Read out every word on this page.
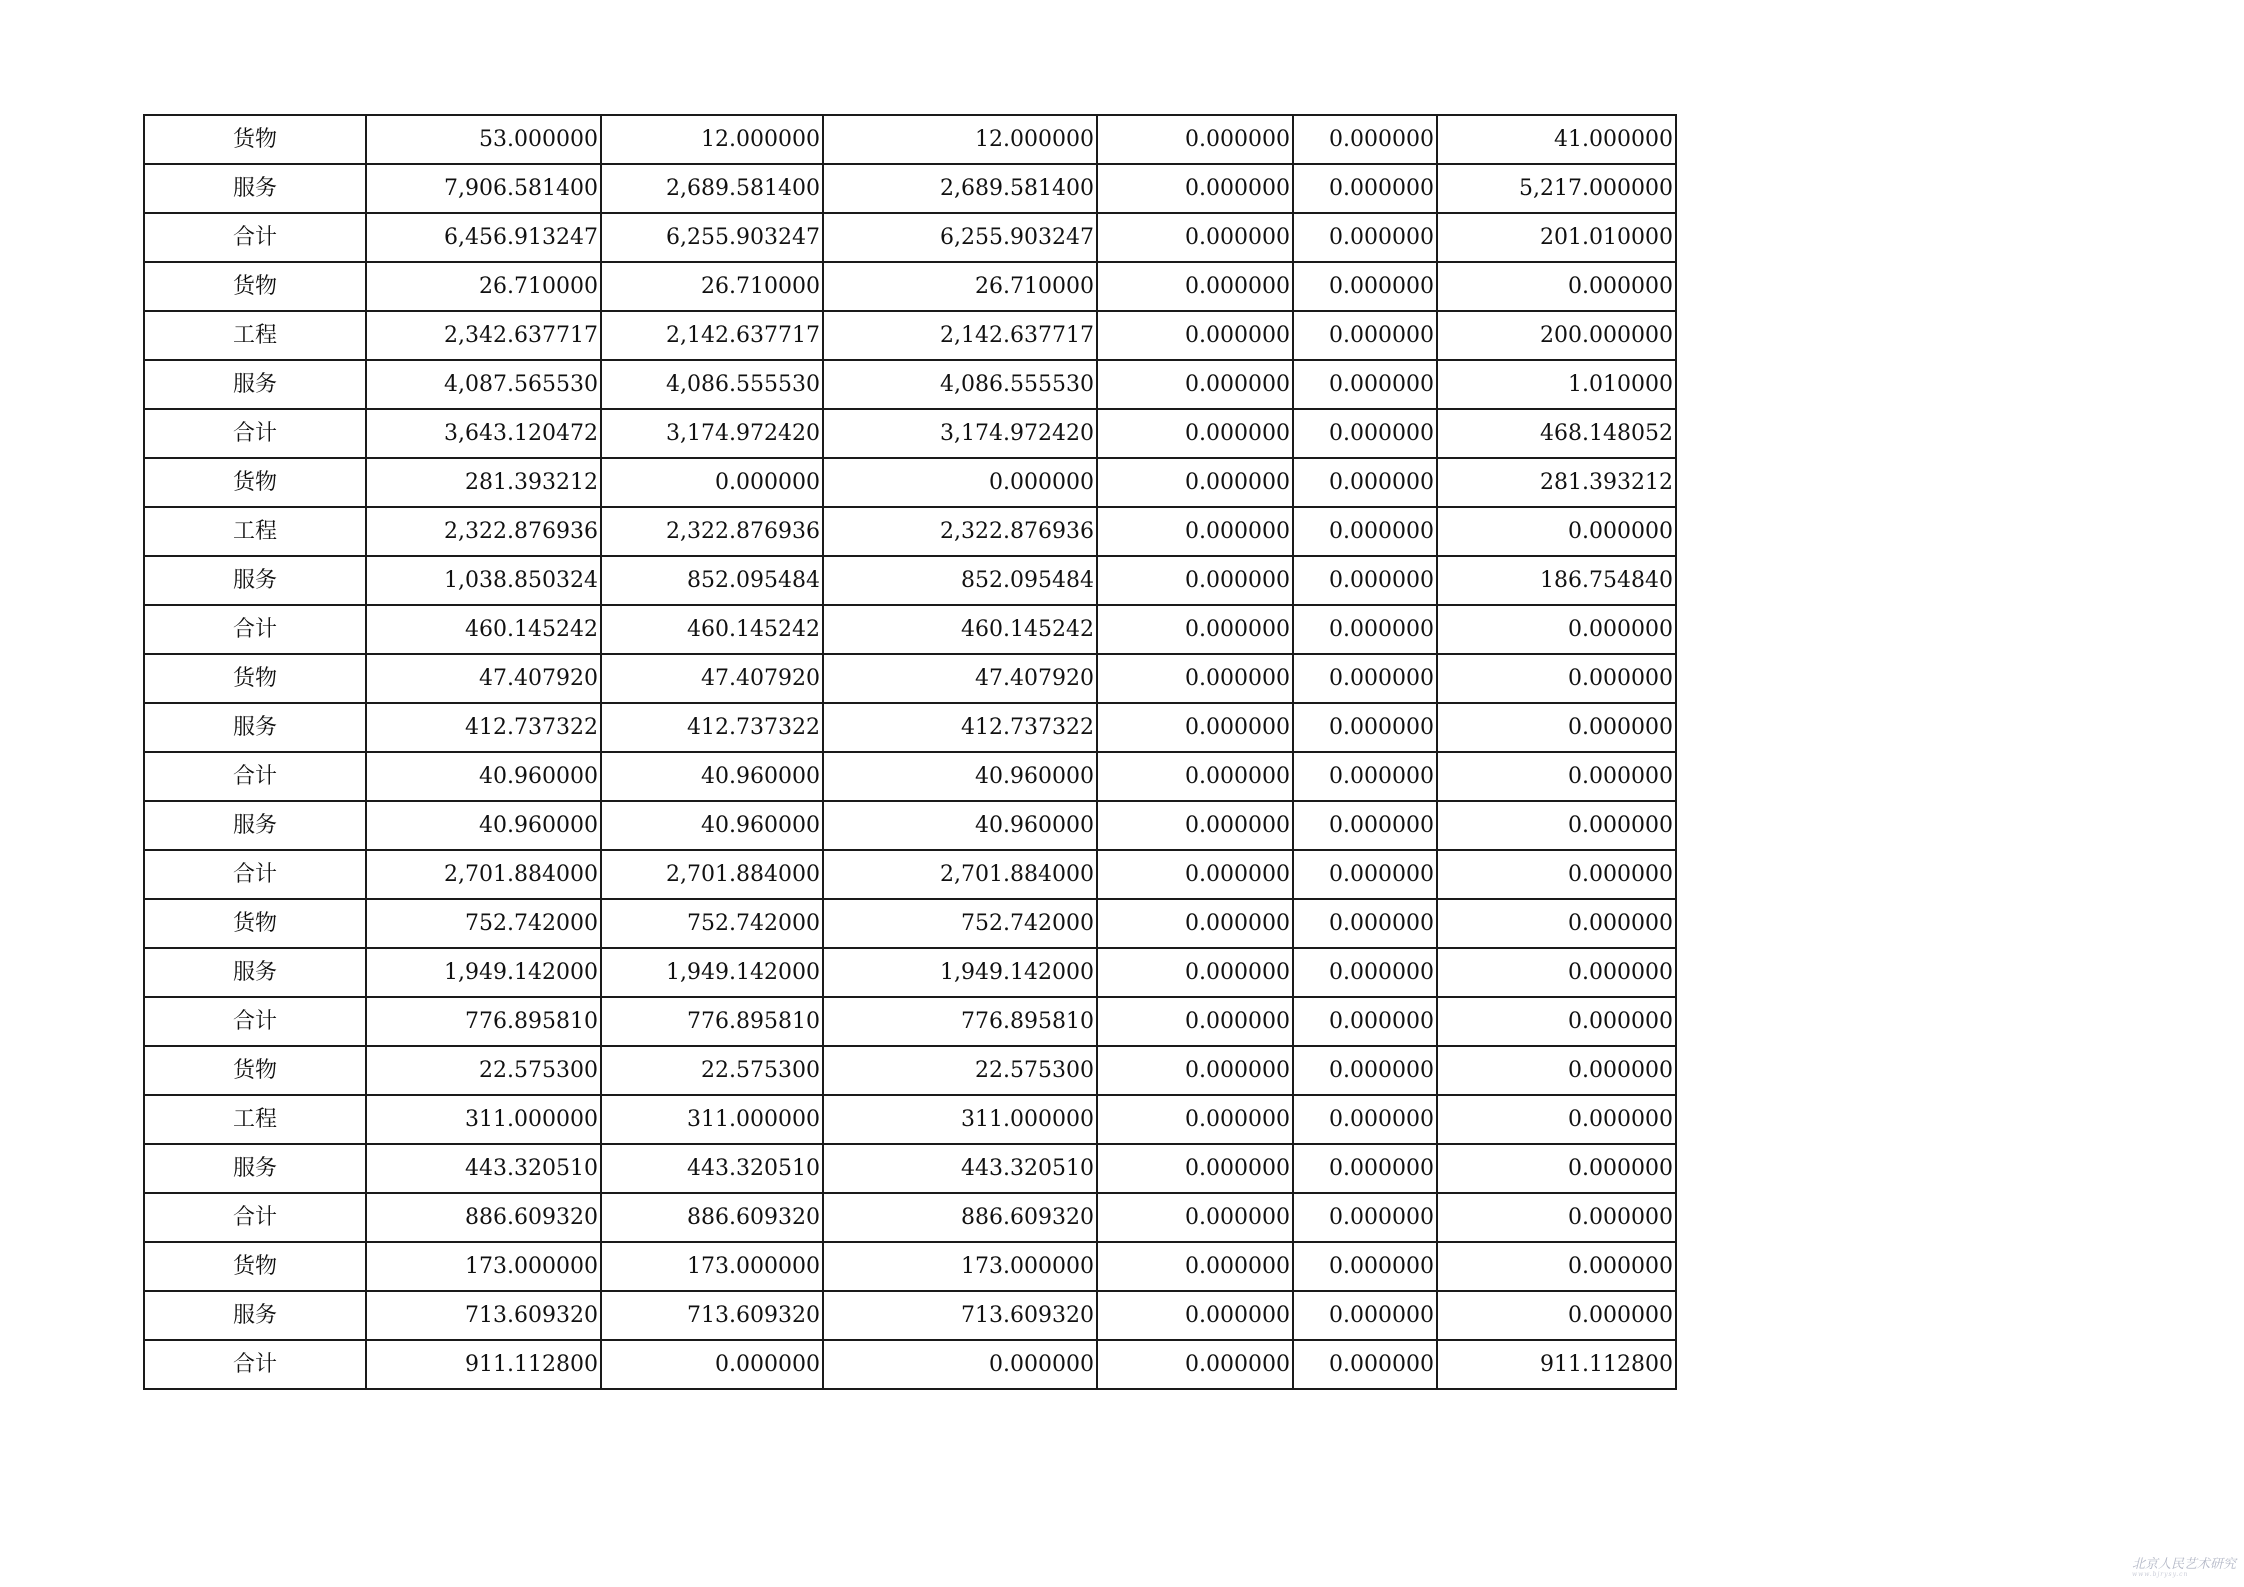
货物	53.000000	12.000000	12.000000	0.000000	0.000000	41.000000
服务	7,906.581400	2,689.581400	2,689.581400	0.000000	0.000000	5,217.000000
合计	6,456.913247	6,255.903247	6,255.903247	0.000000	0.000000	201.010000
货物	26.710000	26.710000	26.710000	0.000000	0.000000	0.000000
工程	2,342.637717	2,142.637717	2,142.637717	0.000000	0.000000	200.000000
服务	4,087.565530	4,086.555530	4,086.555530	0.000000	0.000000	1.010000
合计	3,643.120472	3,174.972420	3,174.972420	0.000000	0.000000	468.148052
货物	281.393212	0.000000	0.000000	0.000000	0.000000	281.393212
工程	2,322.876936	2,322.876936	2,322.876936	0.000000	0.000000	0.000000
服务	1,038.850324	852.095484	852.095484	0.000000	0.000000	186.754840
合计	460.145242	460.145242	460.145242	0.000000	0.000000	0.000000
货物	47.407920	47.407920	47.407920	0.000000	0.000000	0.000000
服务	412.737322	412.737322	412.737322	0.000000	0.000000	0.000000
合计	40.960000	40.960000	40.960000	0.000000	0.000000	0.000000
服务	40.960000	40.960000	40.960000	0.000000	0.000000	0.000000
合计	2,701.884000	2,701.884000	2,701.884000	0.000000	0.000000	0.000000
货物	752.742000	752.742000	752.742000	0.000000	0.000000	0.000000
服务	1,949.142000	1,949.142000	1,949.142000	0.000000	0.000000	0.000000
合计	776.895810	776.895810	776.895810	0.000000	0.000000	0.000000
货物	22.575300	22.575300	22.575300	0.000000	0.000000	0.000000
工程	311.000000	311.000000	311.000000	0.000000	0.000000	0.000000
服务	443.320510	443.320510	443.320510	0.000000	0.000000	0.000000
合计	886.609320	886.609320	886.609320	0.000000	0.000000	0.000000
货物	173.000000	173.000000	173.000000	0.000000	0.000000	0.000000
服务	713.609320	713.609320	713.609320	0.000000	0.000000	0.000000
合计	911.112800	0.000000	0.000000	0.000000	0.000000	911.112800
北京人民艺术研究
www.bjrysy.cn
